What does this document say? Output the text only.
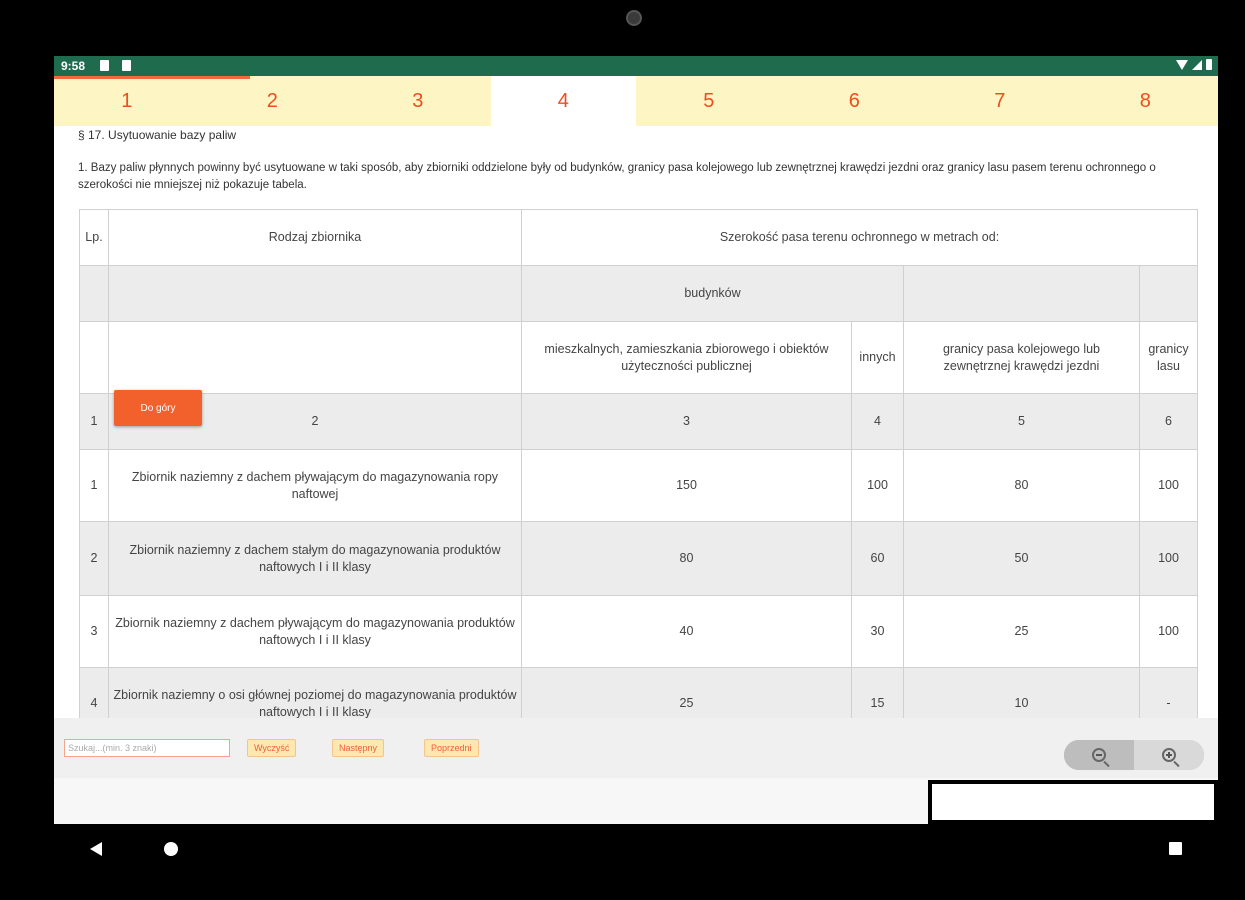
9:58
1	2	3	4	5	6	7	8
§ 17. Usytuowanie bazy paliw
1. Bazy paliw płynnych powinny być usytuowane w taki sposób, aby zbiorniki oddzielone były od budynków, granicy pasa kolejowego lub zewnętrznej krawędzi jezdni oraz granicy lasu pasem terenu ochronnego o szerokości nie mniejszej niż pokazuje tabela.
Lp.	Rodzaj zbiornika	Szerokość pasa terenu ochronnego w metrach od:			
		budynków			
		mieszkalnych, zamieszkania zbiorowego i obiektów użyteczności publicznej	innych	granicy pasa kolejowego lub zewnętrznej krawędzi jezdni	granicy lasu
1	2	3	4	5	6
1	Zbiornik naziemny z dachem pływającym do magazynowania ropy naftowej	150	100	80	100
2	Zbiornik naziemny z dachem stałym do magazynowania produktów naftowych I i II klasy	80	60	50	100
3	Zbiornik naziemny z dachem pływającym do magazynowania produktów naftowych I i II klasy	40	30	25	100
4	Zbiornik naziemny o osi głównej poziomej do magazynowania produktów naftowych I i II klasy	25	15	10	-
Do góry
Szukaj...(min. 3 znaki)
Wyczyść	Następny	Poprzedni
